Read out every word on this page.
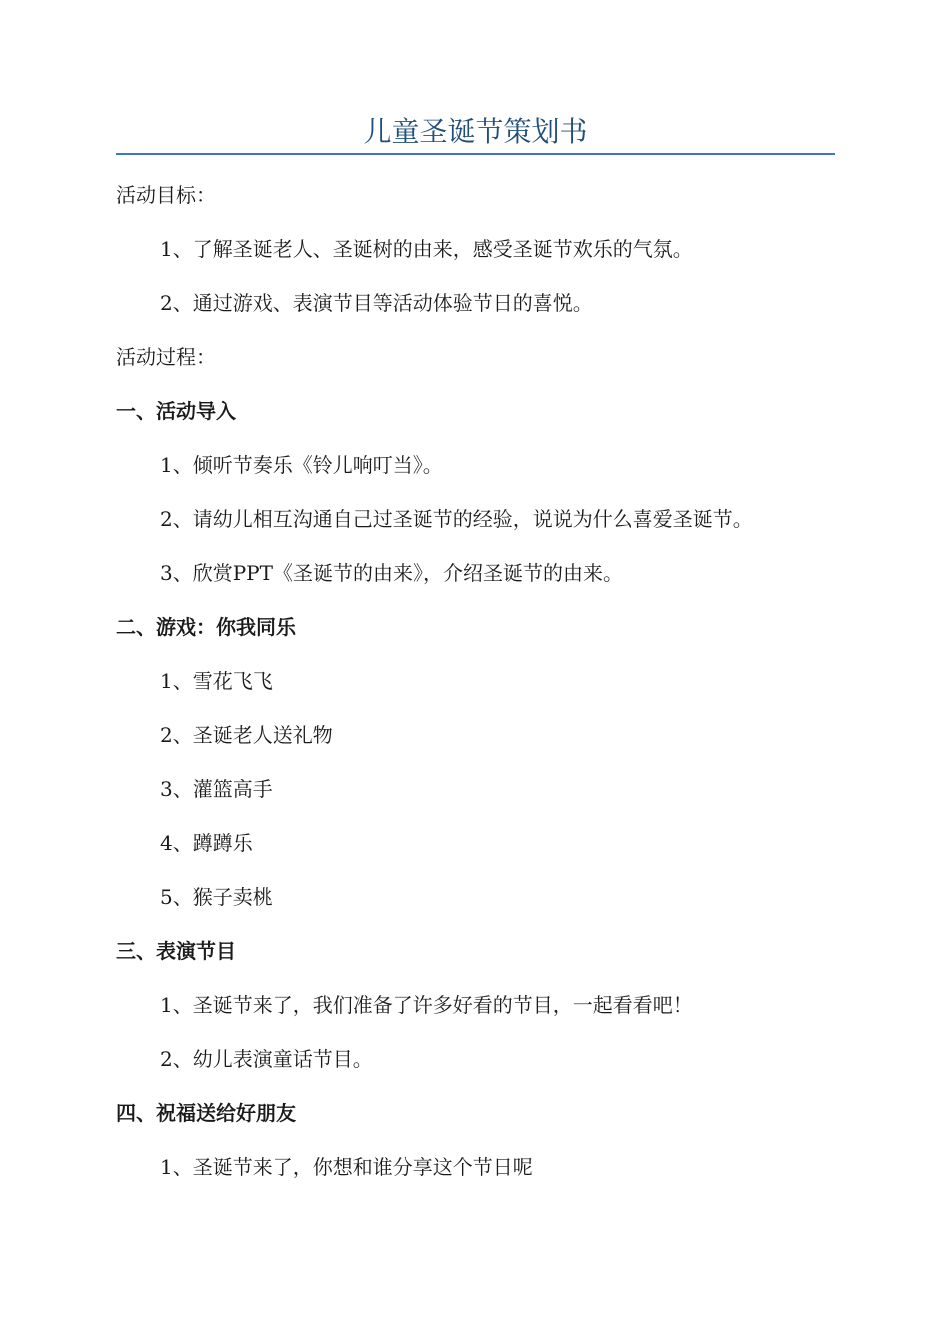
儿童圣诞节策划书
活动目标：
1、了解圣诞老人、圣诞树的由来，感受圣诞节欢乐的气氛。
2、通过游戏、表演节目等活动体验节日的喜悦。
活动过程：
一、活动导入
1、倾听节奏乐《铃儿响叮当》。
2、请幼儿相互沟通自己过圣诞节的经验，说说为什么喜爱圣诞节。
3、欣赏PPT《圣诞节的由来》，介绍圣诞节的由来。
二、游戏：你我同乐
1、雪花飞飞
2、圣诞老人送礼物
3、灌篮高手
4、蹲蹲乐
5、猴子卖桃
三、表演节目
1、圣诞节来了，我们准备了许多好看的节目，一起看看吧！
2、幼儿表演童话节目。
四、祝福送给好朋友
1、圣诞节来了，你想和谁分享这个节日呢
